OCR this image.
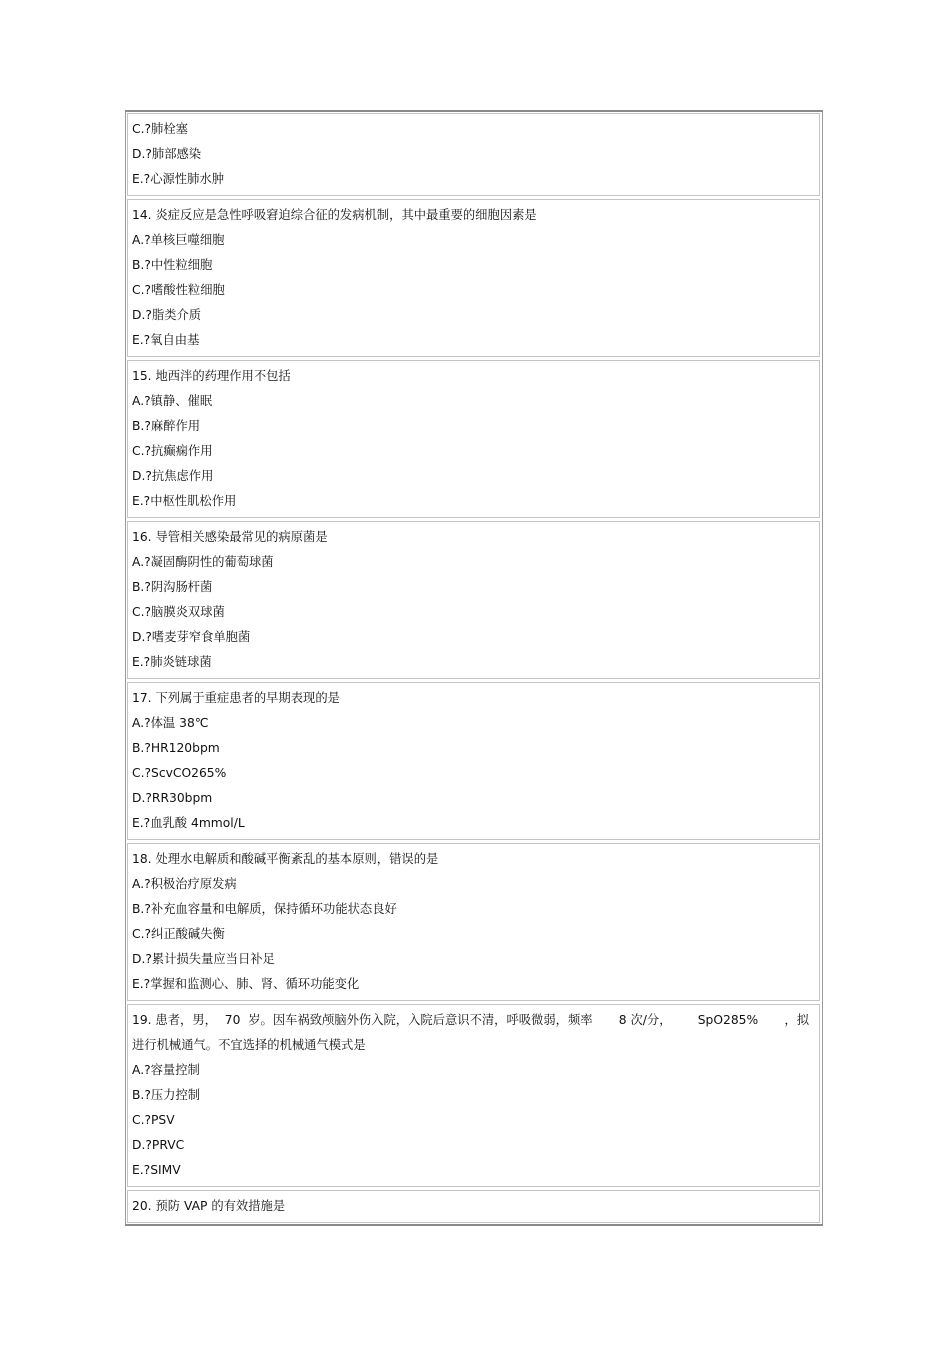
C.?肺栓塞
D.?肺部感染
E.?心源性肺水肿
14. 炎症反应是急性呼吸窘迫综合征的发病机制，其中最重要的细胞因素是
A.?单核巨噬细胞
B.?中性粒细胞
C.?嗜酸性粒细胞
D.?脂类介质
E.?氧自由基
15. 地西泮的药理作用不包括
A.?镇静、催眠
B.?麻醉作用
C.?抗癫痫作用
D.?抗焦虑作用
E.?中枢性肌松作用
16. 导管相关感染最常见的病原菌是
A.?凝固酶阴性的葡萄球菌
B.?阴沟肠杆菌
C.?脑膜炎双球菌
D.?嗜麦芽窄食单胞菌
E.?肺炎链球菌
17. 下列属于重症患者的早期表现的是
A.?体温 38℃
B.?HR120bpm
C.?ScvCO265%
D.?RR30bpm
E.?血乳酸 4mmol/L
18. 处理水电解质和酸碱平衡紊乱的基本原则，错误的是
A.?积极治疗原发病
B.?补充血容量和电解质，保持循环功能状态良好
C.?纠正酸碱失衡
D.?累计损失量应当日补足
E.?掌握和监测心、肺、肾、循环功能变化
19. 患者，男，  70  岁。因车祸致颅脑外伤入院，入院后意识不清，呼吸微弱，频率 8 次/分， SpO285% ，拟
进行机械通气。不宜选择的机械通气模式是
A.?容量控制
B.?压力控制
C.?PSV
D.?PRVC
E.?SIMV
20. 预防 VAP 的有效措施是
